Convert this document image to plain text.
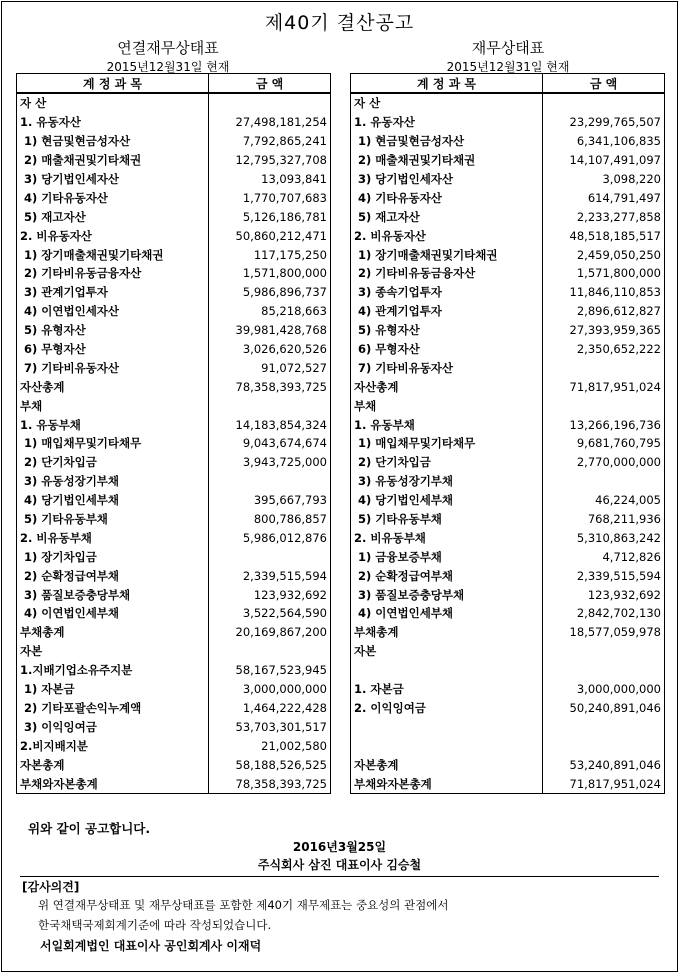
제40기 결산공고
연결재무상태표
2015년12월31일 현재
재무상태표
2015년12월31일 현재
계 정 과 목	금 액
자 산	
1. 유동자산	27,498,181,254
1) 현금및현금성자산	7,792,865,241
2) 매출채권및기타채권	12,795,327,708
3) 당기법인세자산	13,093,841
4) 기타유동자산	1,770,707,683
5) 재고자산	5,126,186,781
2. 비유동자산	50,860,212,471
1) 장기매출채권및기타채권	117,175,250
2) 기타비유동금융자산	1,571,800,000
3) 관계기업투자	5,986,896,737
4) 이연법인세자산	85,218,663
5) 유형자산	39,981,428,768
6) 무형자산	3,026,620,526
7) 기타비유동자산	91,072,527
자산총계	78,358,393,725
부채	
1. 유동부채	14,183,854,324
1) 매입채무및기타채무	9,043,674,674
2) 단기차입금	3,943,725,000
3) 유동성장기부채	
4) 당기법인세부채	395,667,793
5) 기타유동부채	800,786,857
2. 비유동부채	5,986,012,876
1) 장기차입금	
2) 순확정급여부채	2,339,515,594
3) 품질보증충당부채	123,932,692
4) 이연법인세부채	3,522,564,590
부채총계	20,169,867,200
자본	
1.지배기업소유주지분	58,167,523,945
1) 자본금	3,000,000,000
2) 기타포괄손익누계액	1,464,222,428
3) 이익잉여금	53,703,301,517
2.비지배지분	21,002,580
자본총계	58,188,526,525
부채와자본총계	78,358,393,725
계 정 과 목	금 액
자 산	
1. 유동자산	23,299,765,507
1) 현금및현금성자산	6,341,106,835
2) 매출채권및기타채권	14,107,491,097
3) 당기법인세자산	3,098,220
4) 기타유동자산	614,791,497
5) 재고자산	2,233,277,858
2. 비유동자산	48,518,185,517
1) 장기매출채권및기타채권	2,459,050,250
2) 기타비유동금융자산	1,571,800,000
3) 종속기업투자	11,846,110,853
4) 관계기업투자	2,896,612,827
5) 유형자산	27,393,959,365
6) 무형자산	2,350,652,222
7) 기타비유동자산	
자산총계	71,817,951,024
부채	
1. 유동부채	13,266,196,736
1) 매입채무및기타채무	9,681,760,795
2) 단기차입금	2,770,000,000
3) 유동성장기부채	
4) 당기법인세부채	46,224,005
5) 기타유동부채	768,211,936
2. 비유동부채	5,310,863,242
1) 금융보증부채	4,712,826
2) 순확정급여부채	2,339,515,594
3) 품질보증충당부채	123,932,692
4) 이연법인세부채	2,842,702,130
부채총계	18,577,059,978
자본	

1. 자본금	3,000,000,000
2. 이익잉여금	50,240,891,046

자본총계	53,240,891,046
부채와자본총계	71,817,951,024
위와 같이 공고합니다.
2016년3월25일
주식회사 삼진 대표이사 김승철
[감사의견]
위 연결재무상태표 및 재무상태표를 포함한 제40기 재무제표는 중요성의 관점에서
한국채택국제회계기준에 따라 작성되었습니다.
서일회계법인 대표이사 공인회계사 이재덕
